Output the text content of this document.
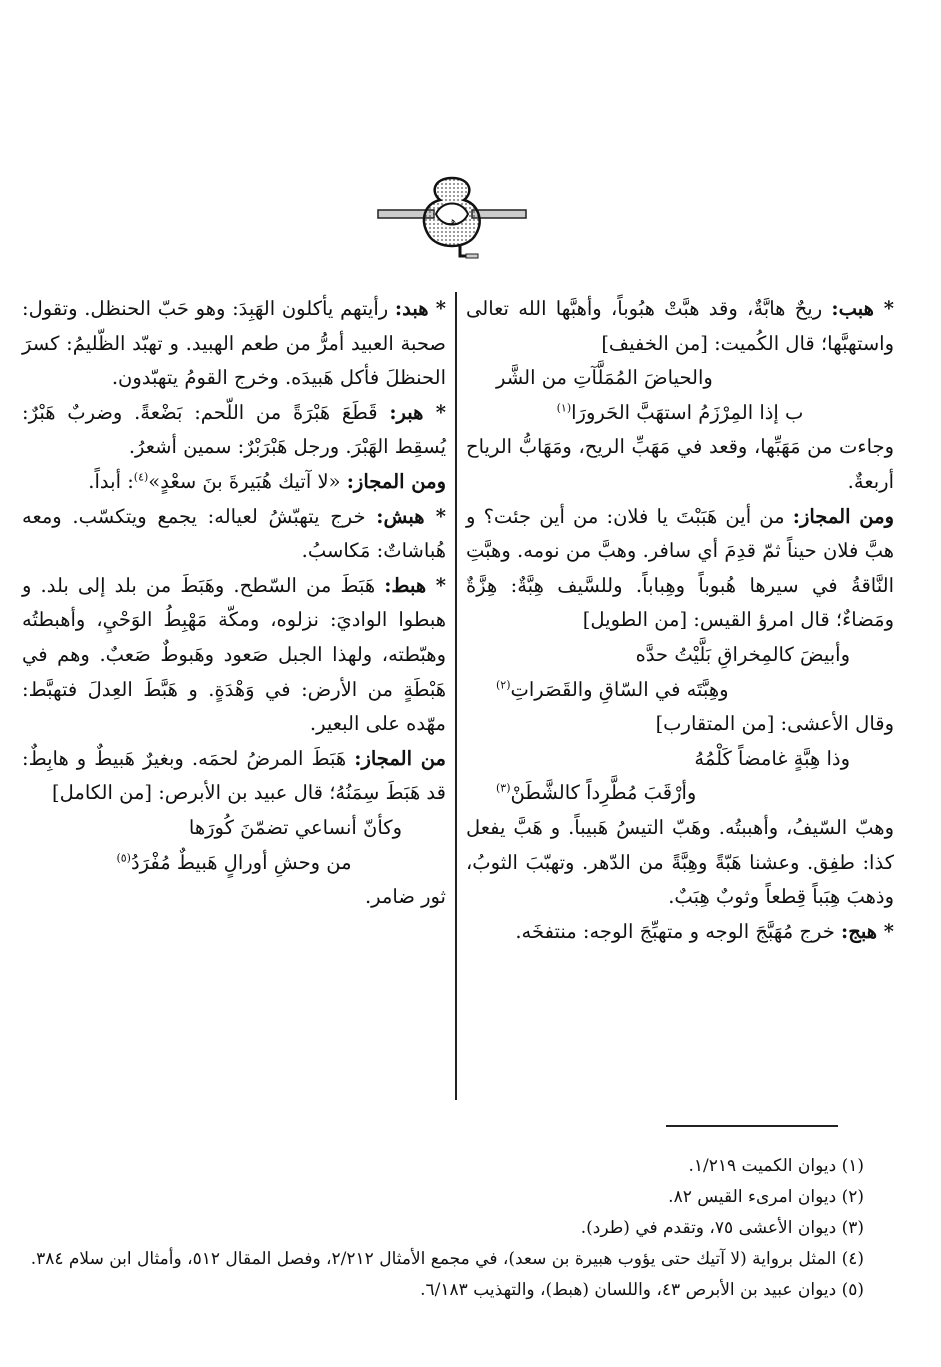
هـ

* هبب: ريحٌ هابَّةٌ، وقد هبَّتْ هبُوباً، وأهبَّها الله تعالى واستهبَّها؛ قال الكُميت: [من الخفيف]

والحياضَ المُمَلَّآتِ من الشَّر
ب إذا المِرْزَمُ استهَبَّ الحَرورَا$^{(١)}$

وجاءت من مَهَبِّها، وقعد في مَهَبِّ الريح، ومَهَابُّ الرياح أربعةٌ.

ومن المجاز: من أين هَبَبْتَ يا فلان: من أين جئت؟ و هبَّ فلان حيناً ثمّ قدِمَ أي سافر. وهبَّ من نومه. وهبَّتِ النَّاقةُ في سيرها هُبوباً وهِباباً. وللسَّيف هِبَّةٌ: هِزَّةٌ ومَضاءٌ؛ قال امرؤ القيس: [من الطويل]

وأبيضَ كالمِخراقِ بَلَّيْتُ حدَّه
وهِبَّتَه في السّاقِ والقَصَراتِ$^{(٢)}$

وقال الأعشى: [من المتقارب]

وذا هِبَّةٍ غامضاً كَلْمُهُ
وأرْقَبَ مُطَّرِداً كالشَّطَنْ$^{(٣)}$

وهبّ السّيفُ، وأهببتُه. وهَبّ التيسُ هَبيباً. و هَبَّ يفعل كذا: طفِق. وعشنا هَبّةً وهِبَّةً من الدّهر. وتهبّبَ الثوبُ، وذهبَ هِبَباً قِطعاً وثوبٌ هِبَبٌ.

* هبج: خرج مُهَبَّجَ الوجه و متهبِّجَ الوجه: منتفخَه.

* هبد: رأيتهم يأكلون الهَبِدَ: وهو حَبّ الحنظل. وتقول: صحبة العبيد أمرُّ من طعم الهبيد. و تهبّد الظّليمُ: كسرَ الحنظلَ فأكل هَبيدَه. وخرج القومُ يتهبّدون.

* هبر: قَطَعَ هَبْرَةً من اللّحم: بَضْعةً. وضربٌ هَبْرٌ: يُسقِط الهَبْرَ. ورجل هَبْرَبْرٌ: سمين أشعرُ.

ومن المجاز: «لا آتيك هُبَيرةَ بنَ سعْدٍ»$^{(٤)}$: أبداً.

* هبش: خرج يتهبّشُ لعياله: يجمع ويتكسّب. ومعه هُباشاتٌ: مَكاسبُ.

* هبط: هَبَطَ من السّطح. وهَبَطَ من بلد إلى بلد. و هبطوا الواديَ: نزلوه، ومكّة مَهْبِطُ الوَحْيِ، وأهبطتُه وهبّطته، ولهذا الجبل صَعود وهَبوطٌ صَعبٌ. وهم في هَبْطَةٍ من الأرض: في وَهْدَةٍ. و هَبَّطَ العِدلَ فتهبَّط: مهّده على البعير.

من المجاز: هَبَطَ المرضُ لحمَه. وبغيرٌ هَبيطٌ و هابِطٌ: قد هَبَطَ سِمَنُهُ؛ قال عبيد بن الأبرص: [من الكامل]

وكأنّ أنساعي تضمّنَ كُورَها
من وحشِ أورالٍ هَبيطٌ مُفْرَدُ$^{(٥)}$

ثور ضامر.

(١) ديوان الكميت ١/٢١٩.

(٢) ديوان امرىء القيس ٨٢.

(٣) ديوان الأعشى ٧٥، وتقدم في (طرد).

(٤) المثل برواية (لا آتيك حتى يؤوب هبيرة بن سعد)، في مجمع الأمثال ٢/٢١٢، وفصل المقال ٥١٢، وأمثال ابن سلام ٣٨٤.

(٥) ديوان عبيد بن الأبرص ٤٣، واللسان (هبط)، والتهذيب ٦/١٨٣.
